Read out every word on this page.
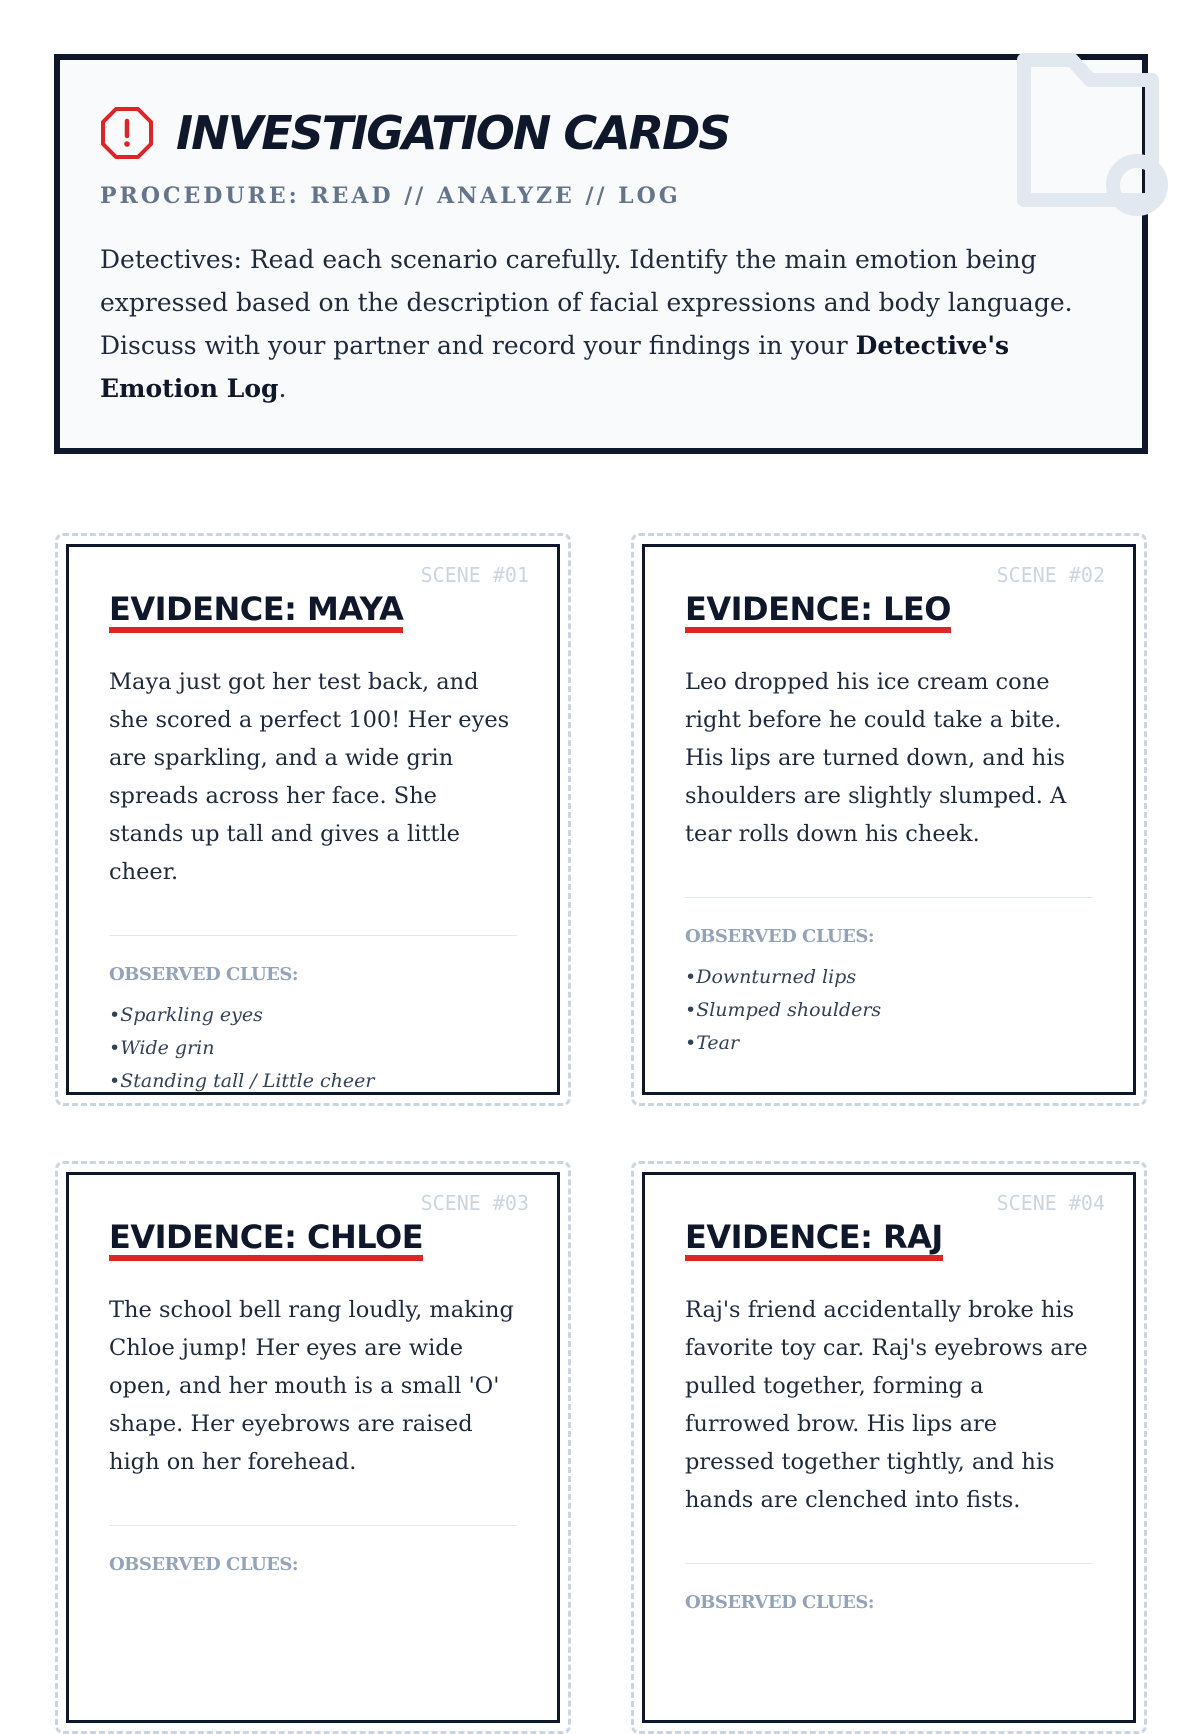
INVESTIGATION CARDS
PROCEDURE: READ // ANALYZE // LOG

Detectives: Read each scenario carefully. Identify the main emotion being expressed based on the description of facial expressions and body language. Discuss with your partner and record your findings in your Detective's Emotion Log.

SCENE #01
EVIDENCE: MAYA

Maya just got her test back, and she scored a perfect 100! Her eyes are sparkling, and a wide grin spreads across her face. She stands up tall and gives a little cheer.

OBSERVED CLUES:
• Sparkling eyes
• Wide grin
• Standing tall / Little cheer
SCENE #02
EVIDENCE: LEO

Leo dropped his ice cream cone right before he could take a bite. His lips are turned down, and his shoulders are slightly slumped. A tear rolls down his cheek.

OBSERVED CLUES:
• Downturned lips
• Slumped shoulders
• Tear
SCENE #03
EVIDENCE: CHLOE

The school bell rang loudly, making Chloe jump! Her eyes are wide open, and her mouth is a small 'O' shape. Her eyebrows are raised high on her forehead.

OBSERVED CLUES:
SCENE #04
EVIDENCE: RAJ

Raj's friend accidentally broke his favorite toy car. Raj's eyebrows are pulled together, forming a furrowed brow. His lips are pressed together tightly, and his hands are clenched into fists.

OBSERVED CLUES:
